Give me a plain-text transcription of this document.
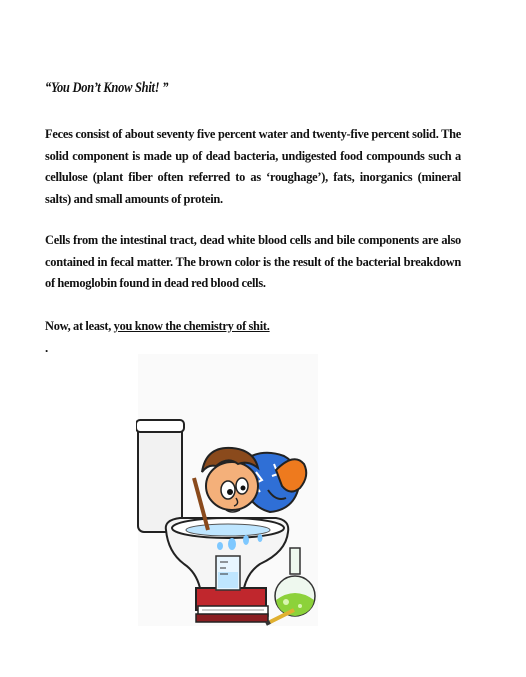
“You Don’t Know Shit! ”
Feces consist of about seventy five percent water and twenty-five percent solid. The solid component is made up of dead bacteria, undigested food compounds such a cellulose (plant fiber often referred to as ‘roughage’), fats, inorganics (mineral salts) and small amounts of protein.
Cells from the intestinal tract, dead white blood cells and bile components are also contained in fecal matter. The brown color is the result of the bacterial breakdown of hemoglobin found in dead red blood cells.
Now, at least, you know the chemistry of shit.
.
